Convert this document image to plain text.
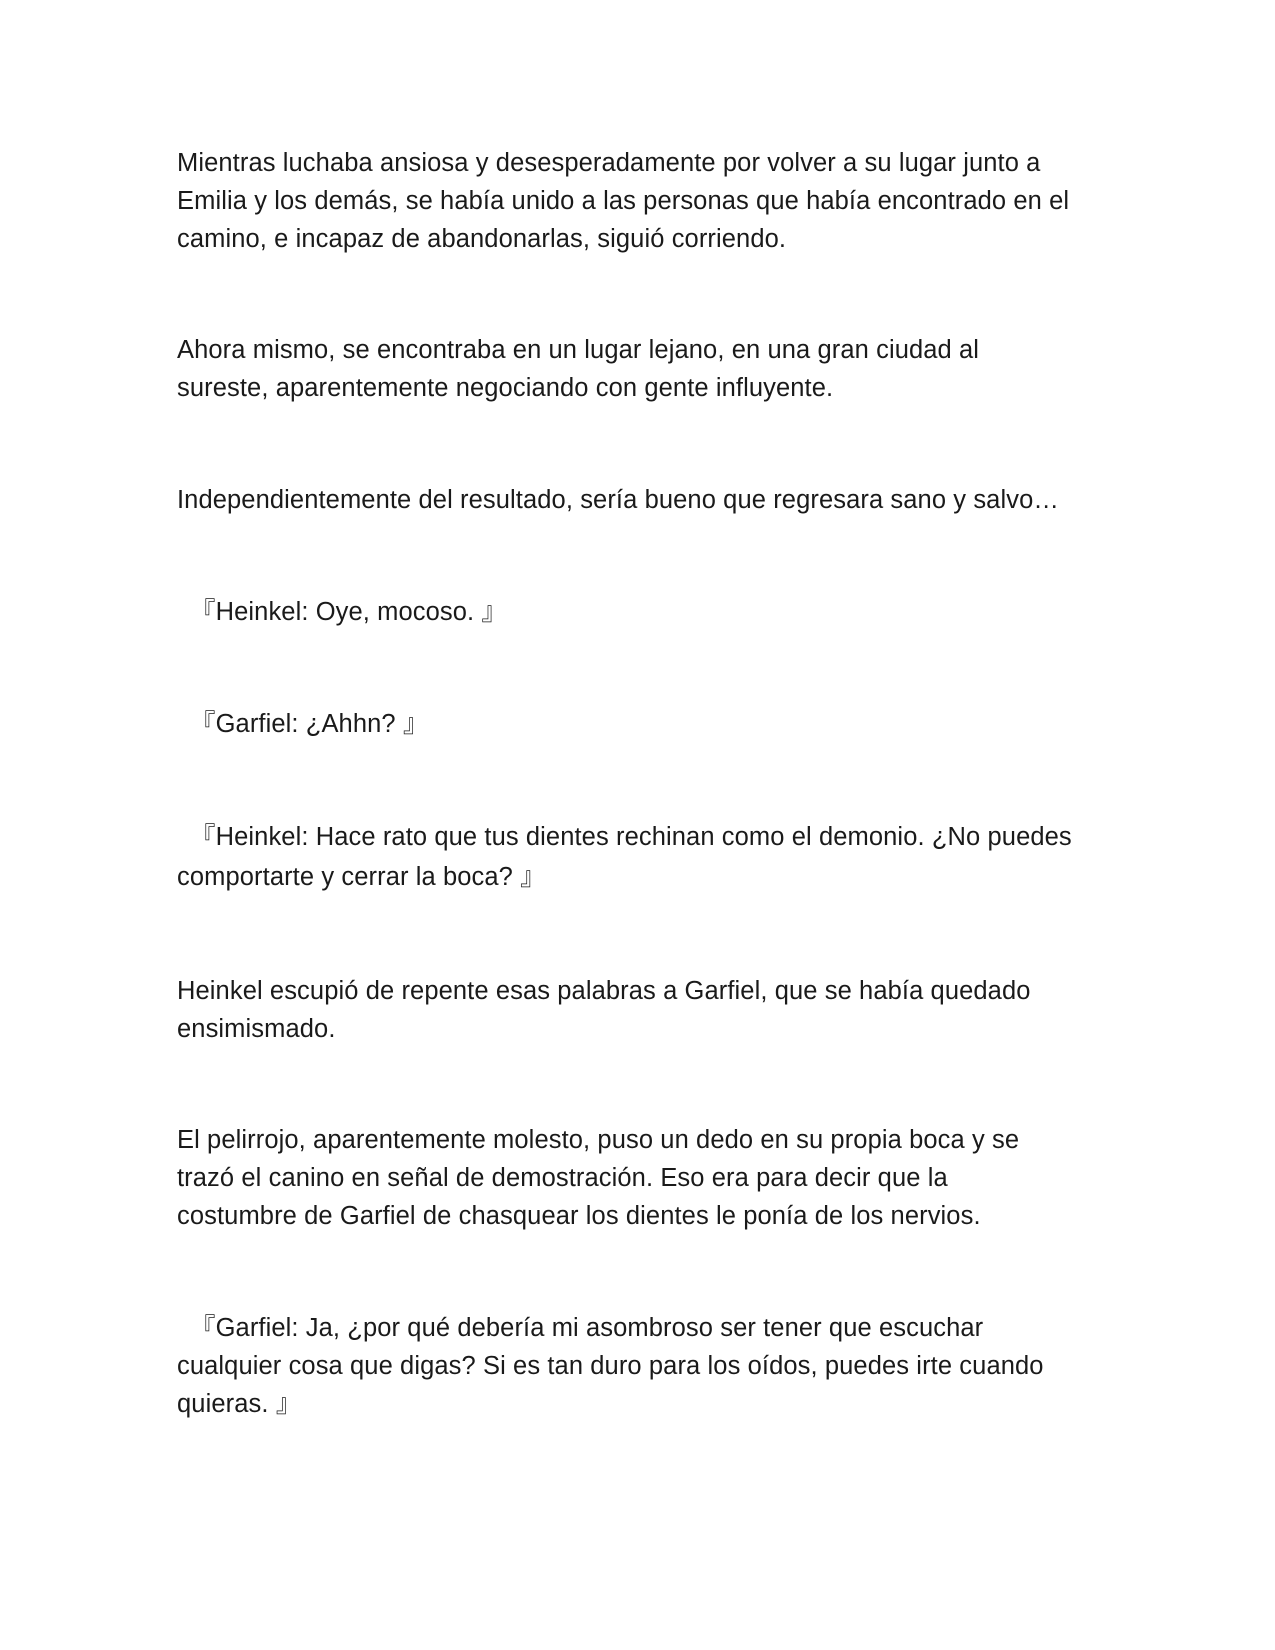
Mientras luchaba ansiosa y desesperadamente por volver a su lugar junto a
Emilia y los demás, se había unido a las personas que había encontrado en el
camino, e incapaz de abandonarlas, siguió corriendo.

Ahora mismo, se encontraba en un lugar lejano, en una gran ciudad al
sureste, aparentemente negociando con gente influyente.

Independientemente del resultado, sería bueno que regresara sano y salvo…

『Heinkel: Oye, mocoso. 』

『Garfiel: ¿Ahhn? 』

『Heinkel: Hace rato que tus dientes rechinan como el demonio. ¿No puedes
comportarte y cerrar la boca? 』

Heinkel escupió de repente esas palabras a Garfiel, que se había quedado
ensimismado.

El pelirrojo, aparentemente molesto, puso un dedo en su propia boca y se
trazó el canino en señal de demostración. Eso era para decir que la
costumbre de Garfiel de chasquear los dientes le ponía de los nervios.

『Garfiel: Ja, ¿por qué debería mi asombroso ser tener que escuchar
cualquier cosa que digas? Si es tan duro para los oídos, puedes irte cuando
quieras. 』
